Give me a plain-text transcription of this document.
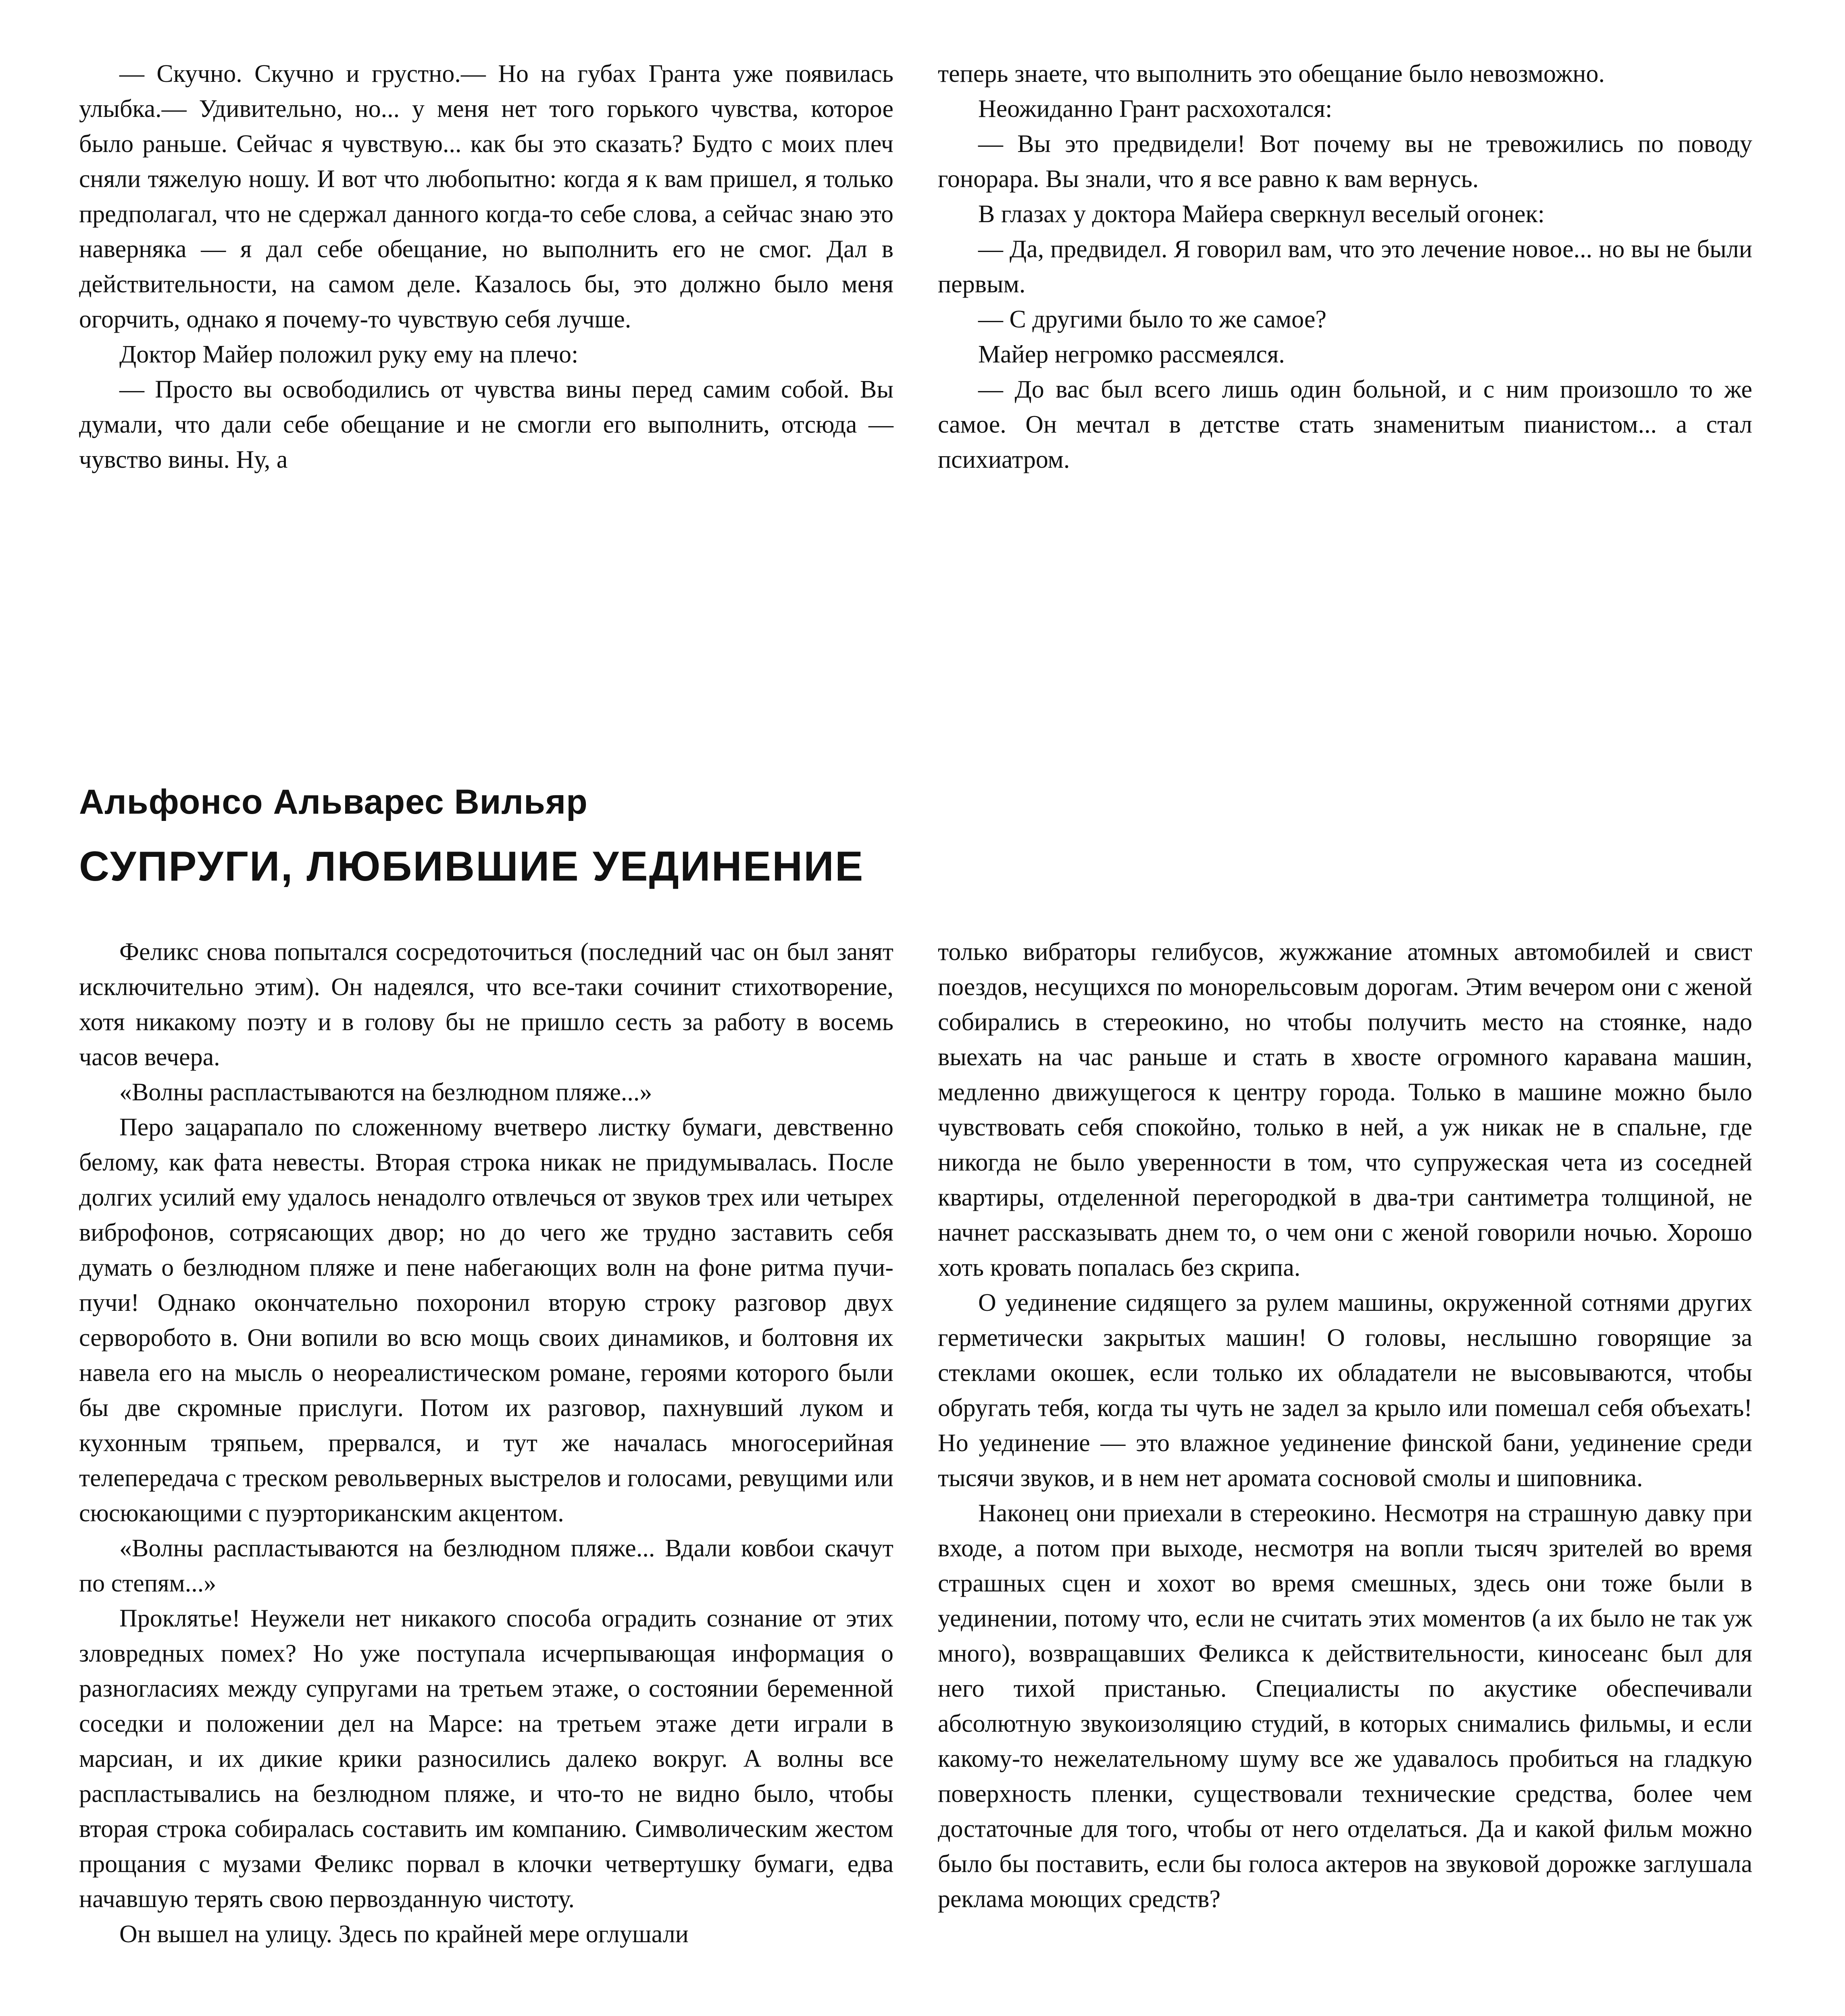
— Скучно. Скучно и грустно.— Но на губах Гранта уже появилась улыбка.— Удивительно, но... у меня нет того горького чувства, которое было раньше. Сейчас я чувствую... как бы это сказать? Будто с моих плеч сняли тяжелую ношу. И вот что любопытно: когда я к вам пришел, я только предполагал, что не сдержал данного когда-то себе слова, а сейчас знаю это наверняка — я дал себе обещание, но выполнить его не смог. Дал в действительности, на самом деле. Казалось бы, это должно было меня огорчить, однако я почему-то чувствую себя лучше.

Доктор Майер положил руку ему на плечо:

— Просто вы освободились от чувства вины перед самим собой. Вы думали, что дали себе обещание и не смогли его выполнить, отсюда — чувство вины. Ну, а

теперь знаете, что выполнить это обещание было невозможно.

Неожиданно Грант расхохотался:

— Вы это предвидели! Вот почему вы не тревожились по поводу гонорара. Вы знали, что я все равно к вам вернусь.

В глазах у доктора Майера сверкнул веселый огонек:

— Да, предвидел. Я говорил вам, что это лечение новое... но вы не были первым.

— С другими было то же самое?

Майер негромко рассмеялся.

— До вас был всего лишь один больной, и с ним произошло то же самое. Он мечтал в детстве стать знаменитым пианистом... а стал психиатром.

Альфонсо Альварес Вильяр
СУПРУГИ, ЛЮБИВШИЕ УЕДИНЕНИЕ

Феликс снова попытался сосредоточиться (последний час он был занят исключительно этим). Он надеялся, что все-таки сочинит стихотворение, хотя никакому поэту и в голову бы не пришло сесть за работу в восемь часов вечера.

«Волны распластываются на безлюдном пляже...»

Перо зацарапало по сложенному вчетверо листку бумаги, девственно белому, как фата невесты. Вторая строка никак не придумывалась. После долгих усилий ему удалось ненадолго отвлечься от звуков трех или четырех виброфонов, сотрясающих двор; но до чего же трудно заставить себя думать о безлюдном пляже и пене набегающих волн на фоне ритма пучи-пучи! Однако окончательно похоронил вторую строку разговор двух серворобото в. Они вопили во всю мощь своих динамиков, и болтовня их навела его на мысль о неореалистическом романе, героями которого были бы две скромные прислуги. Потом их разговор, пахнувший луком и кухонным тряпьем, прервался, и тут же началась многосерийная телепередача с треском револьверных выстрелов и голосами, ревущими или сюсюкающими с пуэрториканским акцентом.

«Волны распластываются на безлюдном пляже... Вдали ковбои скачут по степям...»

Проклятье! Неужели нет никакого способа оградить сознание от этих зловредных помех? Но уже поступала исчерпывающая информация о разногласиях между супругами на третьем этаже, о состоянии беременной соседки и положении дел на Марсе: на третьем этаже дети играли в марсиан, и их дикие крики разносились далеко вокруг. А волны все распластывались на безлюдном пляже, и что-то не видно было, чтобы вторая строка собиралась составить им компанию. Символическим жестом прощания с музами Феликс порвал в клочки четвертушку бумаги, едва начавшую терять свою первозданную чистоту.

Он вышел на улицу. Здесь по крайней мере оглушали

только вибраторы гелибусов, жужжание атомных автомобилей и свист поездов, несущихся по монорельсовым дорогам. Этим вечером они с женой собирались в стереокино, но чтобы получить место на стоянке, надо выехать на час раньше и стать в хвосте огромного каравана машин, медленно движущегося к центру города. Только в машине можно было чувствовать себя спокойно, только в ней, а уж никак не в спальне, где никогда не было уверенности в том, что супружеская чета из соседней квартиры, отделенной перегородкой в два-три сантиметра толщиной, не начнет рассказывать днем то, о чем они с женой говорили ночью. Хорошо хоть кровать попалась без скрипа.

О уединение сидящего за рулем машины, окруженной сотнями других герметически закрытых машин! О головы, неслышно говорящие за стеклами окошек, если только их обладатели не высовываются, чтобы обругать тебя, когда ты чуть не задел за крыло или помешал себя объехать! Но уединение — это влажное уединение финской бани, уединение среди тысячи звуков, и в нем нет аромата сосновой смолы и шиповника.

Наконец они приехали в стереокино. Несмотря на страшную давку при входе, а потом при выходе, несмотря на вопли тысяч зрителей во время страшных сцен и хохот во время смешных, здесь они тоже были в уединении, потому что, если не считать этих моментов (а их было не так уж много), возвращавших Феликса к действительности, киносеанс был для него тихой пристанью. Специалисты по акустике обеспечивали абсолютную звукоизоляцию студий, в которых снимались фильмы, и если какому-то нежелательному шуму все же удавалось пробиться на гладкую поверхность пленки, существовали технические средства, более чем достаточные для того, чтобы от него отделаться. Да и какой фильм можно было бы поставить, если бы голоса актеров на звуковой дорожке заглушала реклама моющих средств?
